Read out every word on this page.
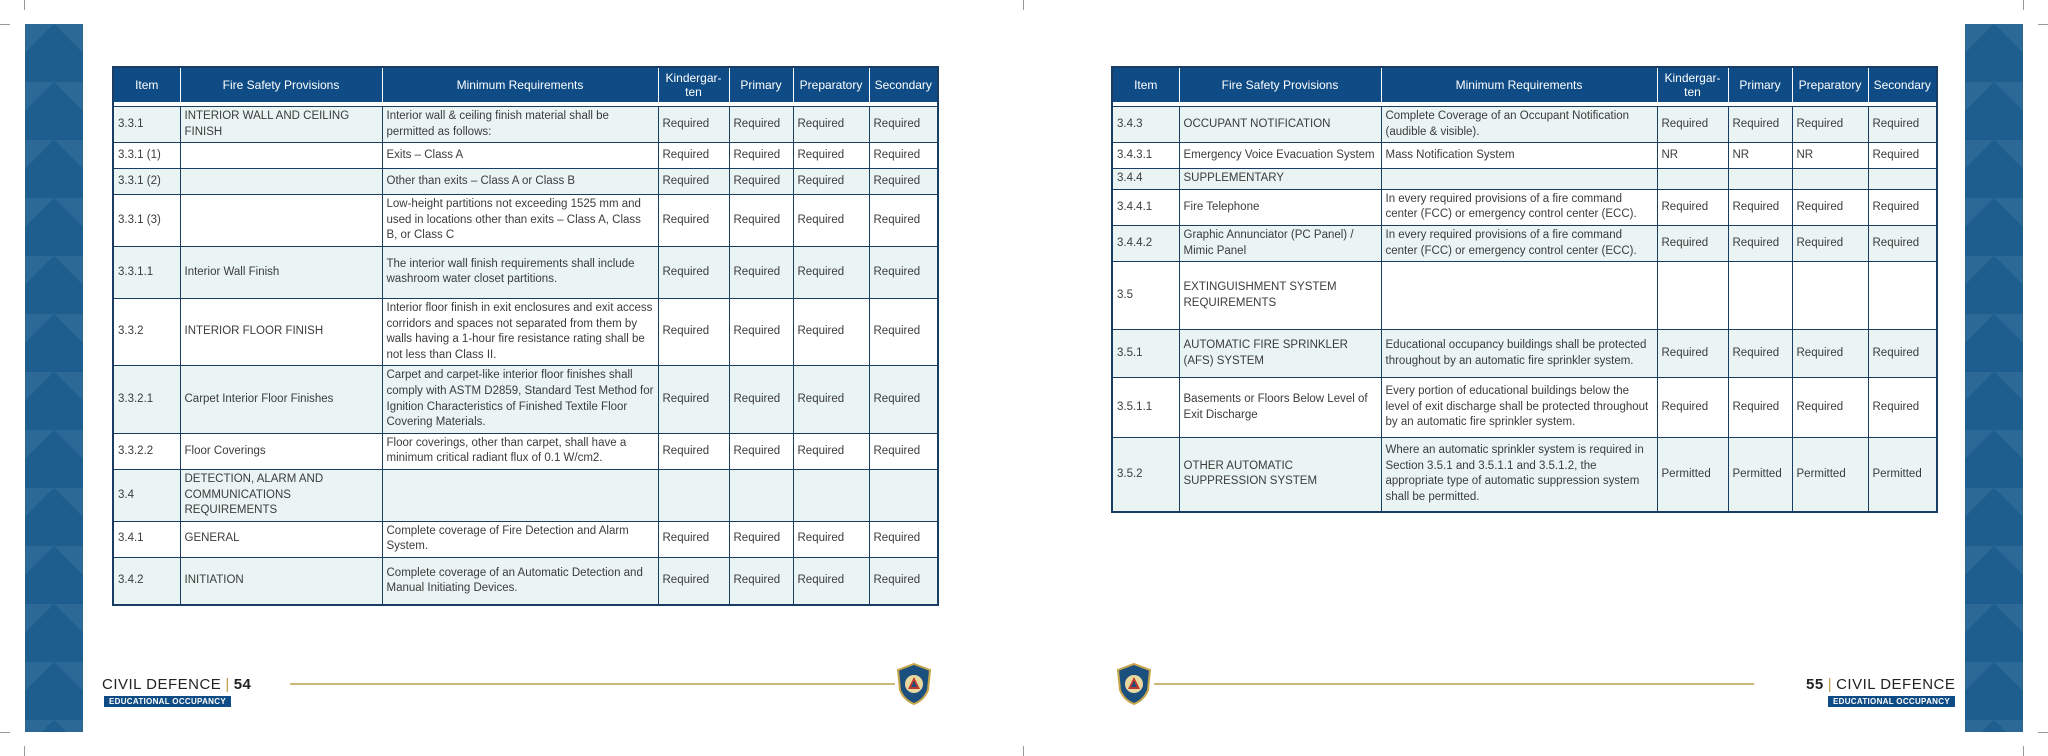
Item	Fire Safety Provisions	Minimum Requirements	Kindergar-ten	Primary	Preparatory	Secondary

3.3.1	INTERIOR WALL AND CEILING FINISH	Interior wall & ceiling finish material shall be permitted as follows:	Required	Required	Required	Required
3.3.1 (1)		Exits – Class A	Required	Required	Required	Required
3.3.1 (2)		Other than exits – Class A or Class B	Required	Required	Required	Required
3.3.1 (3)		Low-height partitions not exceeding 1525 mm and used in locations other than exits – Class A, Class B, or Class C	Required	Required	Required	Required
3.3.1.1	Interior Wall Finish	The interior wall finish requirements shall include washroom water closet partitions.	Required	Required	Required	Required
3.3.2	INTERIOR FLOOR FINISH	Interior floor finish in exit enclosures and exit access corridors and spaces not separated from them by walls having a 1-hour fire resistance rating shall be not less than Class II.	Required	Required	Required	Required
3.3.2.1	Carpet Interior Floor Finishes	Carpet and carpet-like interior floor finishes shall comply with ASTM D2859, Standard Test Method for Ignition Characteristics of Finished Textile Floor Covering Materials.	Required	Required	Required	Required
3.3.2.2	Floor Coverings	Floor coverings, other than carpet, shall have a minimum critical radiant flux of 0.1 W/cm2.	Required	Required	Required	Required
3.4	DETECTION, ALARM AND COMMUNICATIONS REQUIREMENTS					
3.4.1	GENERAL	Complete coverage of Fire Detection and Alarm System.	Required	Required	Required	Required
3.4.2	INITIATION	Complete coverage of an Automatic Detection and Manual Initiating Devices.	Required	Required	Required	Required
Item	Fire Safety Provisions	Minimum Requirements	Kindergar-ten	Primary	Preparatory	Secondary

3.4.3	OCCUPANT NOTIFICATION	Complete Coverage of an Occupant Notification (audible & visible).	Required	Required	Required	Required
3.4.3.1	Emergency Voice Evacuation System	Mass Notification System	NR	NR	NR	Required
3.4.4	SUPPLEMENTARY					
3.4.4.1	Fire Telephone	In every required provisions of a fire command center (FCC) or emergency control center (ECC).	Required	Required	Required	Required
3.4.4.2	Graphic Annunciator (PC Panel) / Mimic Panel	In every required provisions of a fire command center (FCC) or emergency control center (ECC).	Required	Required	Required	Required
3.5	EXTINGUISHMENT SYSTEM REQUIREMENTS					
3.5.1	AUTOMATIC FIRE SPRINKLER (AFS) SYSTEM	Educational occupancy buildings shall be protected throughout by an automatic fire sprinkler system.	Required	Required	Required	Required
3.5.1.1	Basements or Floors Below Level of Exit Discharge	Every portion of educational buildings below the level of exit discharge shall be protected throughout by an automatic fire sprinkler system.	Required	Required	Required	Required
3.5.2	OTHER AUTOMATIC SUPPRESSION SYSTEM	Where an automatic sprinkler system is required in Section 3.5.1 and 3.5.1.1 and 3.5.1.2, the appropriate type of automatic suppression system shall be permitted.	Permitted	Permitted	Permitted	Permitted
CIVIL DEFENCE | 54
EDUCATIONAL OCCUPANCY
55 | CIVIL DEFENCE
EDUCATIONAL OCCUPANCY
